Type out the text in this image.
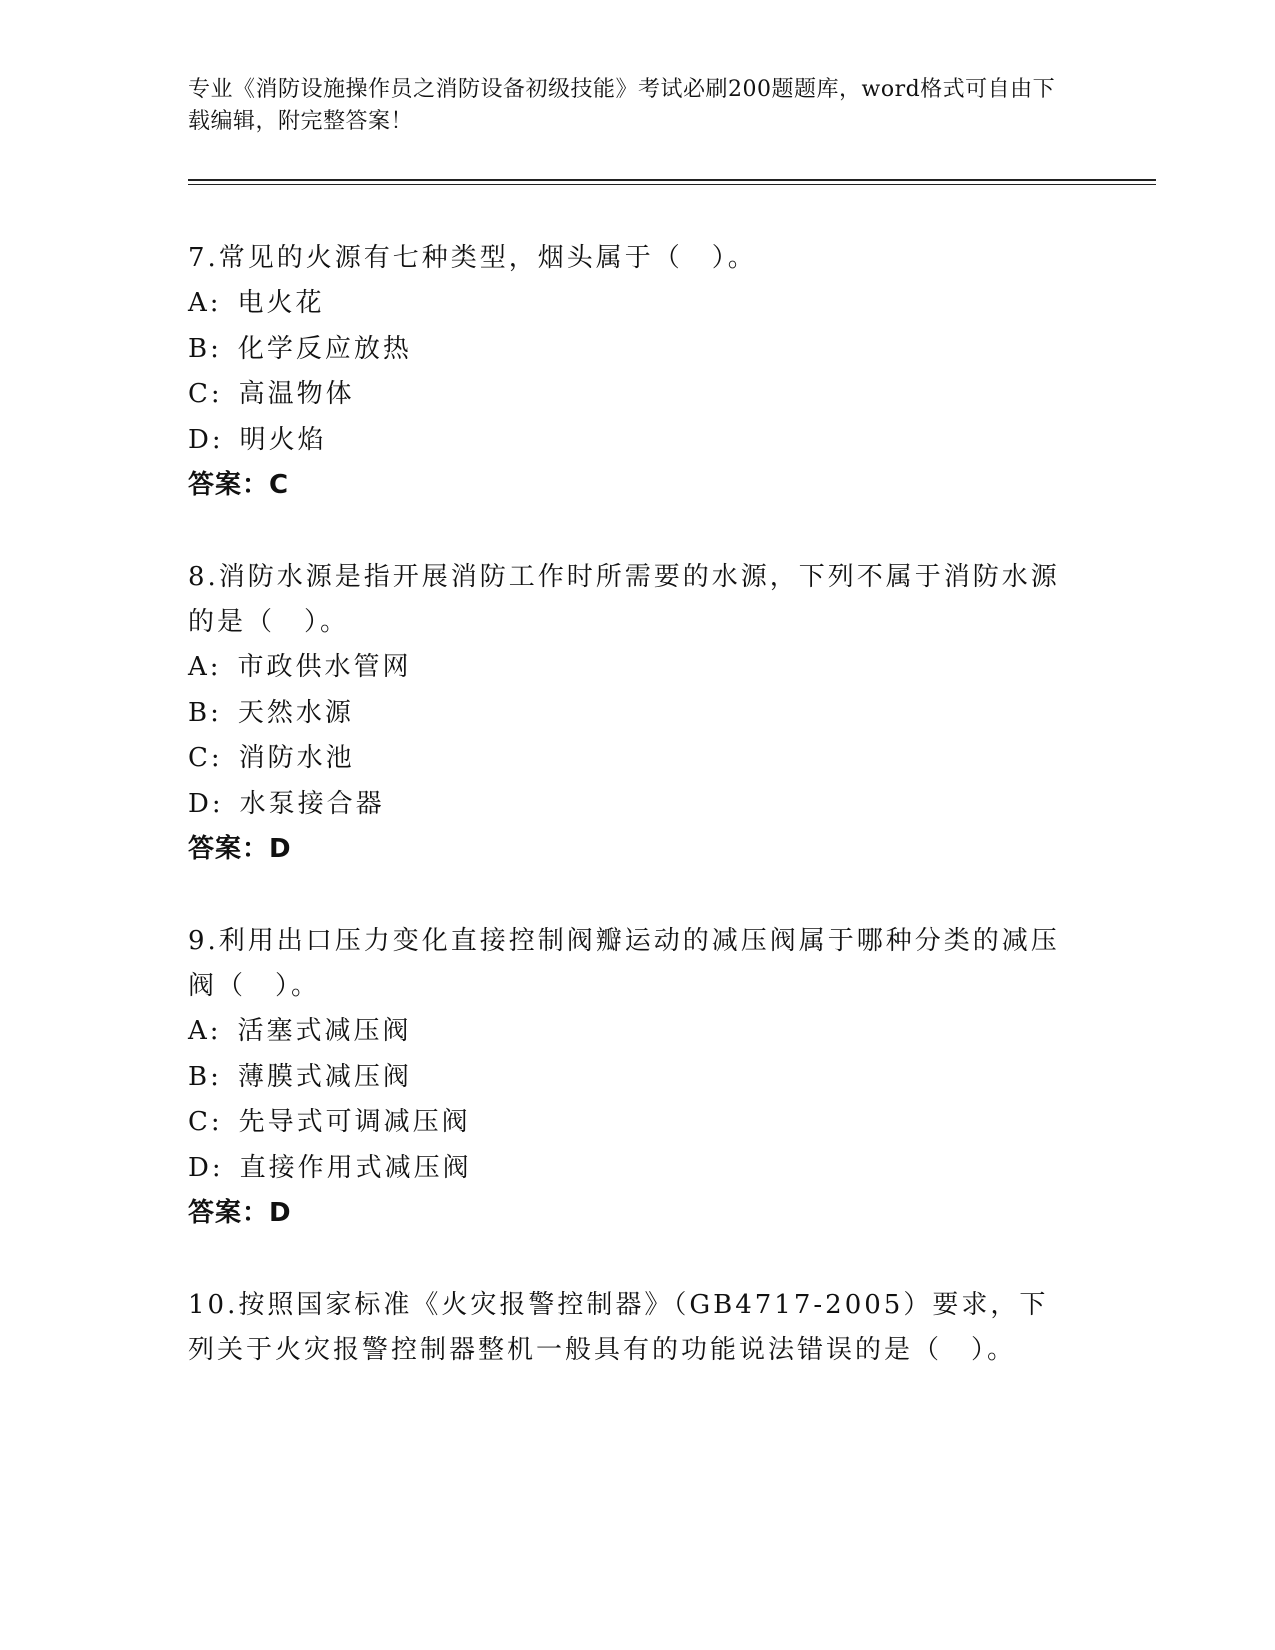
专业《消防设施操作员之消防设备初级技能》考试必刷200题题库，word格式可自由下载编辑，附完整答案！

7.常见的火源有七种类型，烟头属于（　）。

A: 电火花

B: 化学反应放热

C: 高温物体

D: 明火焰

答案：C

8.消防水源是指开展消防工作时所需要的水源，下列不属于消防水源的是（　）。

A: 市政供水管网

B: 天然水源

C: 消防水池

D: 水泵接合器

答案：D

9.利用出口压力变化直接控制阀瓣运动的减压阀属于哪种分类的减压阀（　）。

A: 活塞式减压阀

B: 薄膜式减压阀

C: 先导式可调减压阀

D: 直接作用式减压阀

答案：D

10.按照国家标准《火灾报警控制器》（GB4717-2005）要求，下列关于火灾报警控制器整机一般具有的功能说法错误的是（　）。
